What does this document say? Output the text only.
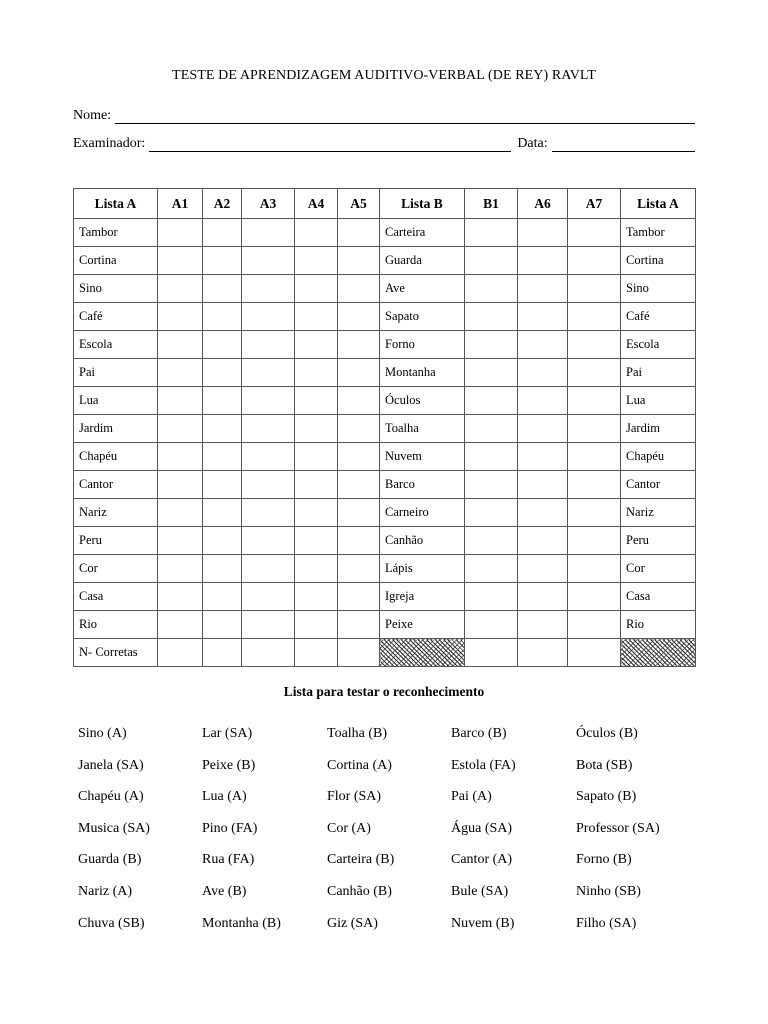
TESTE DE APRENDIZAGEM AUDITIVO-VERBAL (DE REY) RAVLT
Nome:
Examinador:	Data:
Lista A	A1	A2	A3	A4	A5	Lista B	B1	A6	A7	Lista A
Tambor						Carteira				Tambor
Cortina						Guarda				Cortina
Sino						Ave				Sino
Café						Sapato				Café
Escola						Forno				Escola
Pai						Montanha				Pai
Lua						Óculos				Lua
Jardim						Toalha				Jardim
Chapéu						Nuvem				Chapéu
Cantor						Barco				Cantor
Nariz						Carneiro				Nariz
Peru						Canhão				Peru
Cor						Lápis				Cor
Casa						Igreja				Casa
Rio						Peixe				Rio
N- Corretas										
Lista para testar o reconhecimento
Sino (A)	Lar (SA)	Toalha (B)	Barco (B)	Óculos (B)
Janela (SA)	Peixe (B)	Cortina (A)	Estola (FA)	Bota (SB)
Chapéu (A)	Lua (A)	Flor (SA)	Pai (A)	Sapato (B)
Musica (SA)	Pino (FA)	Cor (A)	Água (SA)	Professor (SA)
Guarda (B)	Rua (FA)	Carteira (B)	Cantor (A)	Forno (B)
Nariz (A)	Ave (B)	Canhão (B)	Bule (SA)	Ninho (SB)
Chuva (SB)	Montanha (B)	Giz (SA)	Nuvem (B)	Filho (SA)
